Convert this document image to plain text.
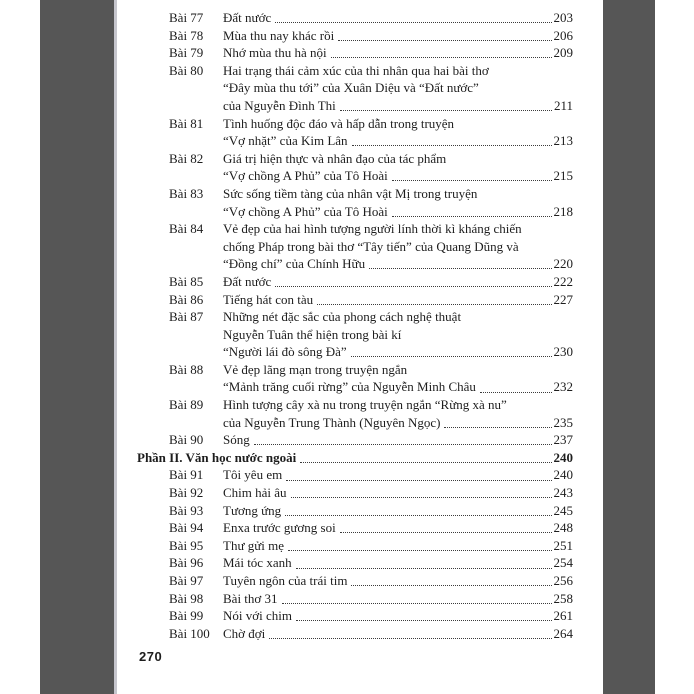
Bài 77	Đất nước	203
Bài 78	Mùa thu nay khác rồi	206
Bài 79	Nhớ mùa thu hà nội	209
Bài 80	Hai trạng thái cảm xúc của thi nhân qua hai bài thơ
“Đây mùa thu tới” của Xuân Diệu và “Đất nước”
của Nguyễn Đình Thi	211
Bài 81	Tình huống độc đáo và hấp dẫn trong truyện
“Vợ nhặt” của Kim Lân	213
Bài 82	Giá trị hiện thực và nhân đạo của tác phẩm
“Vợ chồng A Phủ” của Tô Hoài	215
Bài 83	Sức sống tiềm tàng của nhân vật Mị trong truyện
“Vợ chồng A Phủ” của Tô Hoài	218
Bài 84	Vẻ đẹp của hai hình tượng người lính thời kì kháng chiến
chống Pháp trong bài thơ “Tây tiến” của Quang Dũng và
“Đồng chí” của Chính Hữu	220
Bài 85	Đất nước	222
Bài 86	Tiếng hát con tàu	227
Bài 87	Những nét đặc sắc của phong cách nghệ thuật
Nguyễn Tuân thể hiện trong bài kí
“Người lái đò sông Đà”	230
Bài 88	Vẻ đẹp lãng mạn trong truyện ngắn
“Mảnh trăng cuối rừng” của Nguyễn Minh Châu	232
Bài 89	Hình tượng cây xà nu trong truyện ngắn “Rừng xà nu”
của Nguyễn Trung Thành (Nguyên Ngọc)	235
Bài 90	Sóng	237
Phần II. Văn học nước ngoài	240
Bài 91	Tôi yêu em	240
Bài 92	Chim hải âu	243
Bài 93	Tương ứng	245
Bài 94	Enxa trước gương soi	248
Bài 95	Thư gửi mẹ	251
Bài 96	Mái tóc xanh	254
Bài 97	Tuyên ngôn của trái tim	256
Bài 98	Bài thơ 31	258
Bài 99	Nói với chim	261
Bài 100	Chờ đợi	264
270
